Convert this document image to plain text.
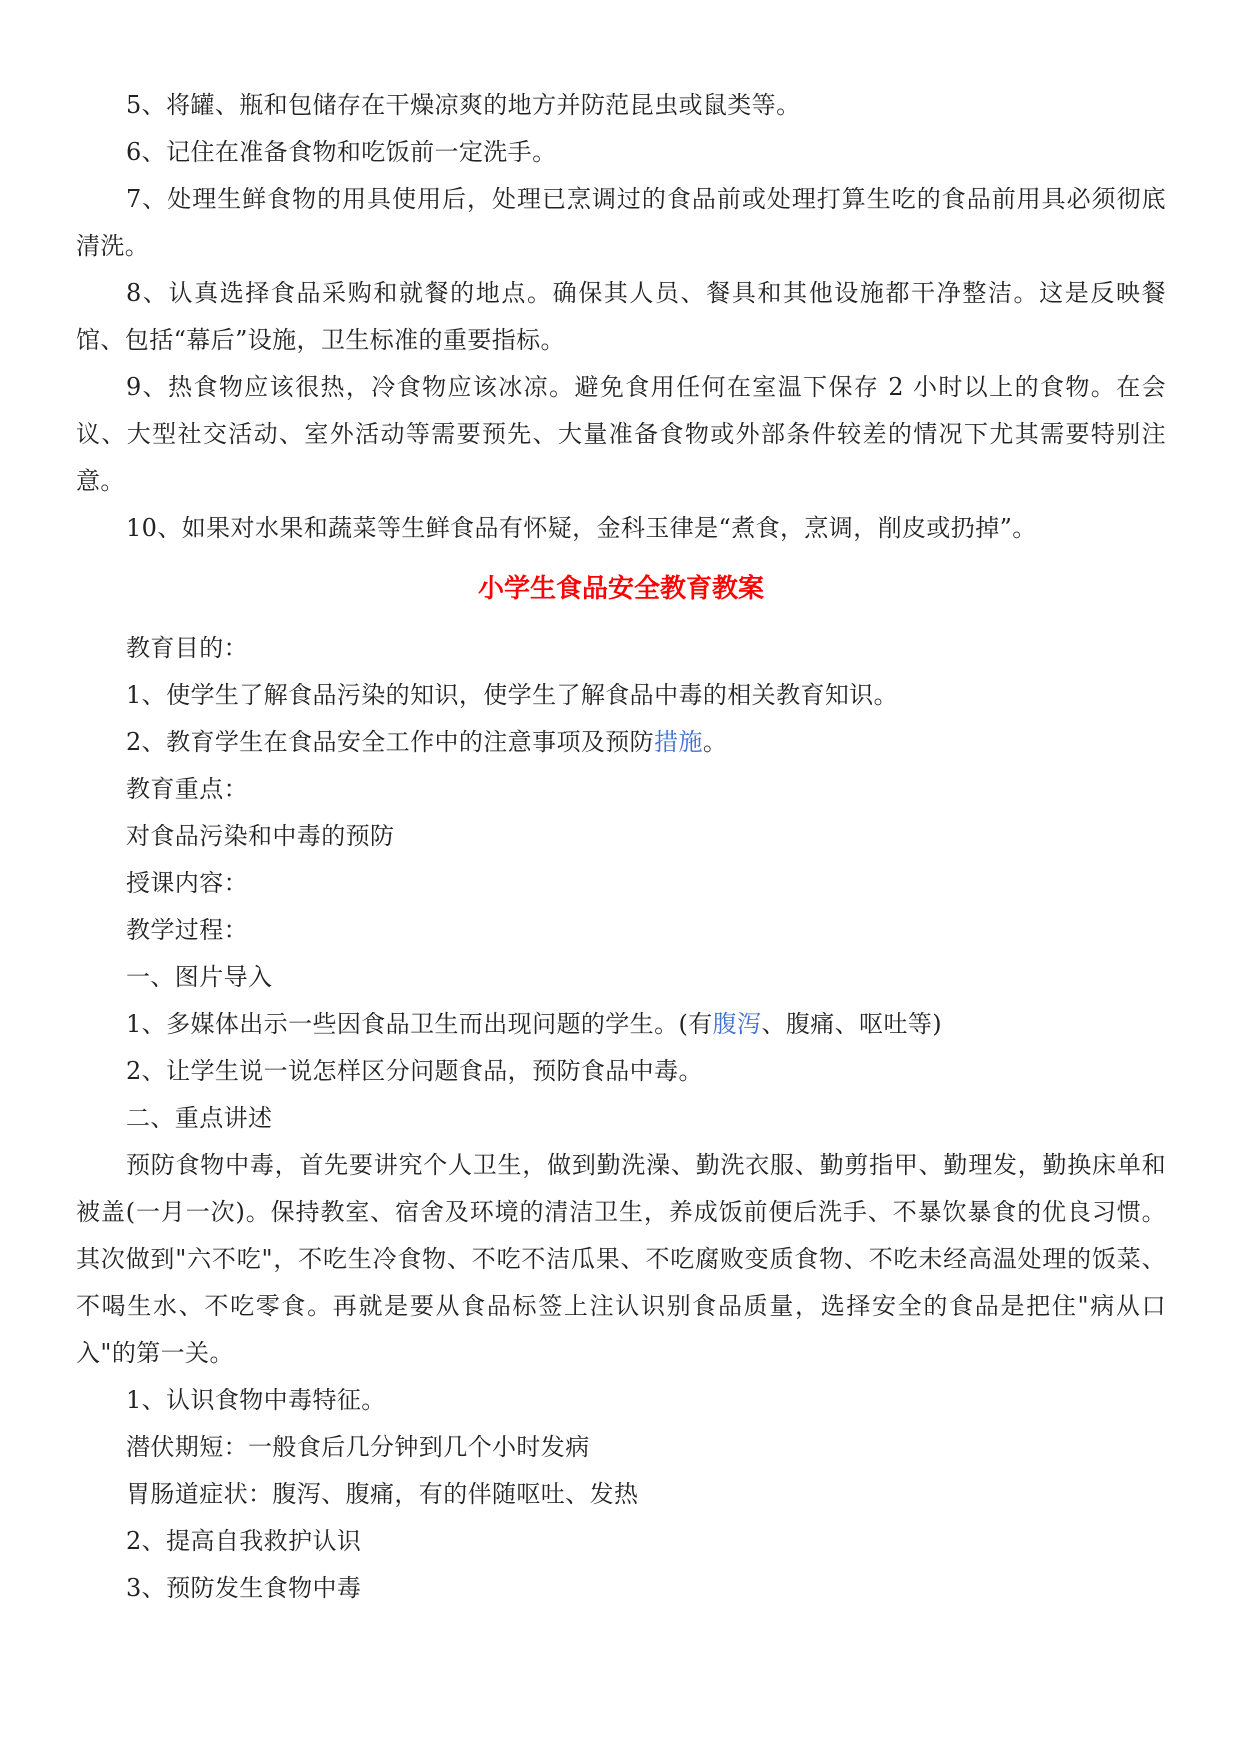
5、将罐、瓶和包储存在干燥凉爽的地方并防范昆虫或鼠类等。

6、记住在准备食物和吃饭前一定洗手。

7、处理生鲜食物的用具使用后，处理已烹调过的食品前或处理打算生吃的食品前用具必须彻底清洗。

8、认真选择食品采购和就餐的地点。确保其人员、餐具和其他设施都干净整洁。这是反映餐馆、包括“幕后”设施，卫生标准的重要指标。

9、热食物应该很热，冷食物应该冰凉。避免食用任何在室温下保存 2 小时以上的食物。在会议、大型社交活动、室外活动等需要预先、大量准备食物或外部条件较差的情况下尤其需要特别注意。

10、如果对水果和蔬菜等生鲜食品有怀疑，金科玉律是“煮食，烹调，削皮或扔掉”。

小学生食品安全教育教案

教育目的：

1、使学生了解食品污染的知识，使学生了解食品中毒的相关教育知识。

2、教育学生在食品安全工作中的注意事项及预防措施。

教育重点：

对食品污染和中毒的预防

授课内容：

教学过程：

一、图片导入

1、多媒体出示一些因食品卫生而出现问题的学生。(有腹泻、腹痛、呕吐等)

2、让学生说一说怎样区分问题食品，预防食品中毒。

二、重点讲述

预防食物中毒，首先要讲究个人卫生，做到勤洗澡、勤洗衣服、勤剪指甲、勤理发，勤换床单和被盖(一月一次)。保持教室、宿舍及环境的清洁卫生，养成饭前便后洗手、不暴饮暴食的优良习惯。其次做到"六不吃"，不吃生冷食物、不吃不洁瓜果、不吃腐败变质食物、不吃未经高温处理的饭菜、不喝生水、不吃零食。再就是要从食品标签上注认识别食品质量，选择安全的食品是把住"病从口入"的第一关。

1、认识食物中毒特征。

潜伏期短：一般食后几分钟到几个小时发病

胃肠道症状：腹泻、腹痛，有的伴随呕吐、发热

2、提高自我救护认识

3、预防发生食物中毒
